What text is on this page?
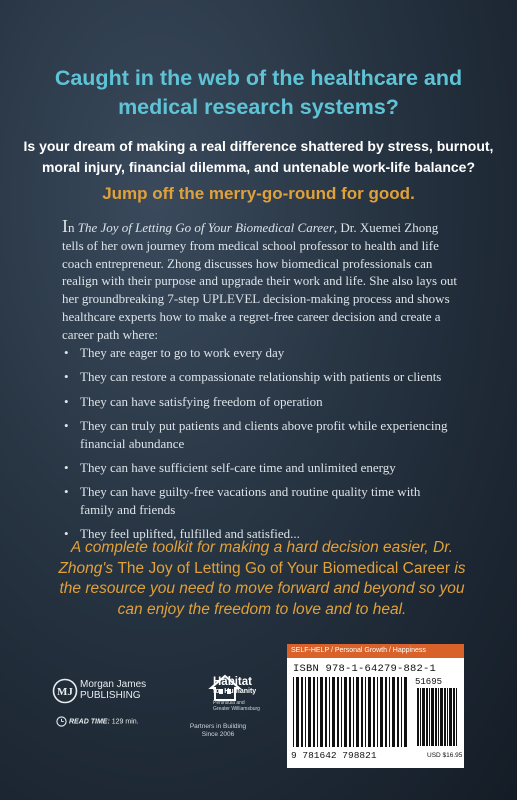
Caught in the web of the healthcare and
medical research systems?
Is your dream of making a real difference shattered by stress, burnout,
moral injury, financial dilemma, and untenable work-life balance?
Jump off the merry-go-round for good.
In The Joy of Letting Go of Your Biomedical Career, Dr. Xuemei Zhong tells of her own journey from medical school professor to health and life coach entrepreneur. Zhong discusses how biomedical professionals can realign with their purpose and upgrade their work and life. She also lays out her groundbreaking 7-step UPLEVEL decision-making process and shows healthcare experts how to make a regret-free career decision and create a career path where:
• They are eager to go to work every day
• They can restore a compassionate relationship with patients or clients
• They can have satisfying freedom of operation
• They can truly put patients and clients above profit while experiencing financial abundance
• They can have sufficient self-care time and unlimited energy
• They can have guilty-free vacations and routine quality time with family and friends
• They feel uplifted, fulfilled and satisfied...
A complete toolkit for making a hard decision easier, Dr. Zhong's The Joy of Letting Go of Your Biomedical Career is the resource you need to move forward and beyond so you can enjoy the freedom to love and to heal.
MJ
Morgan James
PUBLISHING
READ TIME: 129 min.
Habitat
for Humanity
Peninsula and
Greater Williamsburg
Partners in Building
Since 2006
SELF-HELP / Personal Growth / Happiness
ISBN 978-1-64279-882-1
51695
9 781642 798821	USD $16.95
